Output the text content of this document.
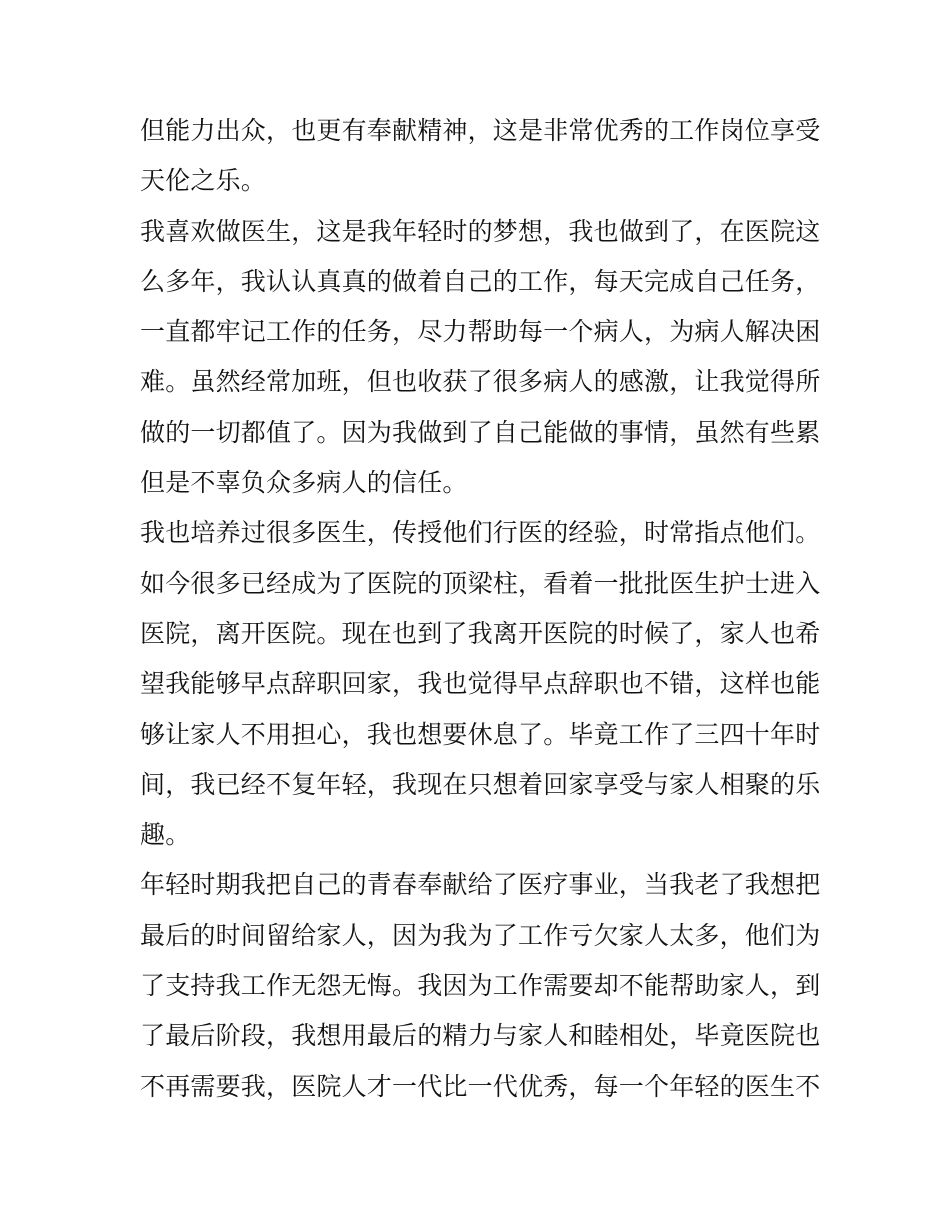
但能力出众，也更有奉献精神，这是非常优秀的工作岗位享受
天伦之乐。
我喜欢做医生，这是我年轻时的梦想，我也做到了，在医院这
么多年，我认认真真的做着自己的工作，每天完成自己任务，
一直都牢记工作的任务，尽力帮助每一个病人，为病人解决困
难。虽然经常加班，但也收获了很多病人的感激，让我觉得所
做的一切都值了。因为我做到了自己能做的事情，虽然有些累
但是不辜负众多病人的信任。
我也培养过很多医生，传授他们行医的经验，时常指点他们。
如今很多已经成为了医院的顶梁柱，看着一批批医生护士进入
医院，离开医院。现在也到了我离开医院的时候了，家人也希
望我能够早点辞职回家，我也觉得早点辞职也不错，这样也能
够让家人不用担心，我也想要休息了。毕竟工作了三四十年时
间，我已经不复年轻，我现在只想着回家享受与家人相聚的乐
趣。
年轻时期我把自己的青春奉献给了医疗事业，当我老了我想把
最后的时间留给家人，因为我为了工作亏欠家人太多，他们为
了支持我工作无怨无悔。我因为工作需要却不能帮助家人，到
了最后阶段，我想用最后的精力与家人和睦相处，毕竟医院也
不再需要我，医院人才一代比一代优秀，每一个年轻的医生不
